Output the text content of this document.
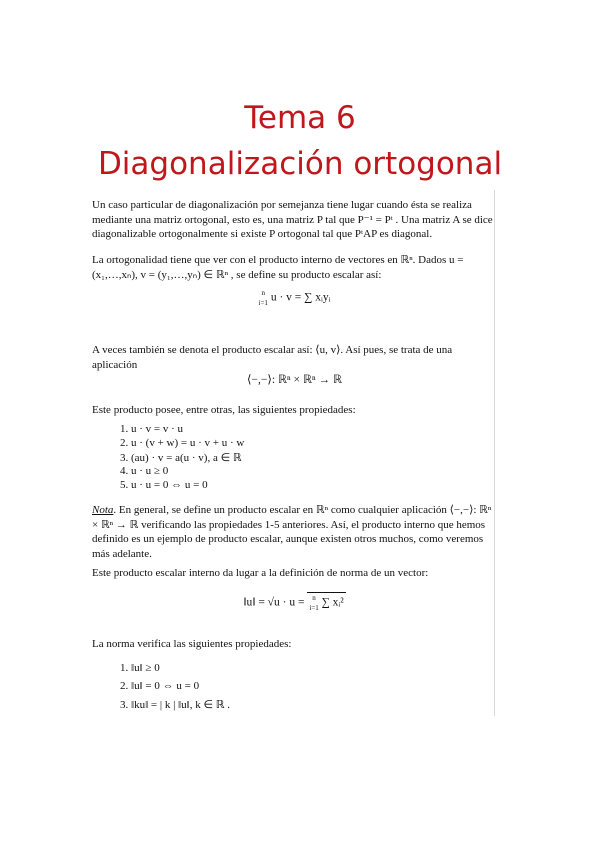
Tema 6
Diagonalización ortogonal

Un caso particular de diagonalización por semejanza tiene lugar cuando ésta se realiza mediante una matriz ortogonal, esto es, una matriz P tal que P⁻¹ = Pᵗ . Una matriz A se dice diagonalizable ortogonalmente si existe P ortogonal tal que PᵗAP es diagonal.

La ortogonalidad tiene que ver con el producto interno de vectores en ℝⁿ. Dados u = (x₁,…,xₙ), v = (y₁,…,yₙ) ∈ ℝⁿ , se define su producto escalar así:

n
i=1 u · v = ∑ xᵢyᵢ

A veces también se denota el producto escalar así: ⟨u, v⟩. Así pues, se trata de una aplicación

⟨−,−⟩: ℝⁿ × ℝⁿ → ℝ

Este producto posee, entre otras, las siguientes propiedades:

1. u · v = v · u

2. u · (v + w) = u · v + u · w

3. (au) · v = a(u · v), a ∈ ℝ

4. u · u ≥ 0

5. u · u = 0 ⇔ u = 0

Nota. En general, se define un producto escalar en ℝⁿ como cualquier aplicación ⟨−,−⟩: ℝⁿ × ℝⁿ → ℝ verificando las propiedades 1-5 anteriores. Así, el producto interno que hemos definido es un ejemplo de producto escalar, aunque existen otros muchos, como veremos más adelante.

Este producto escalar interno da lugar a la definición de norma de un vector:

‖u‖ = √u · u = n
i=1 ∑ xᵢ²

La norma verifica las siguientes propiedades:

1. ‖u‖ ≥ 0

2. ‖u‖ = 0 ⇔ u = 0

3. ‖ku‖ = | k | ‖u‖, k ∈ ℝ .
